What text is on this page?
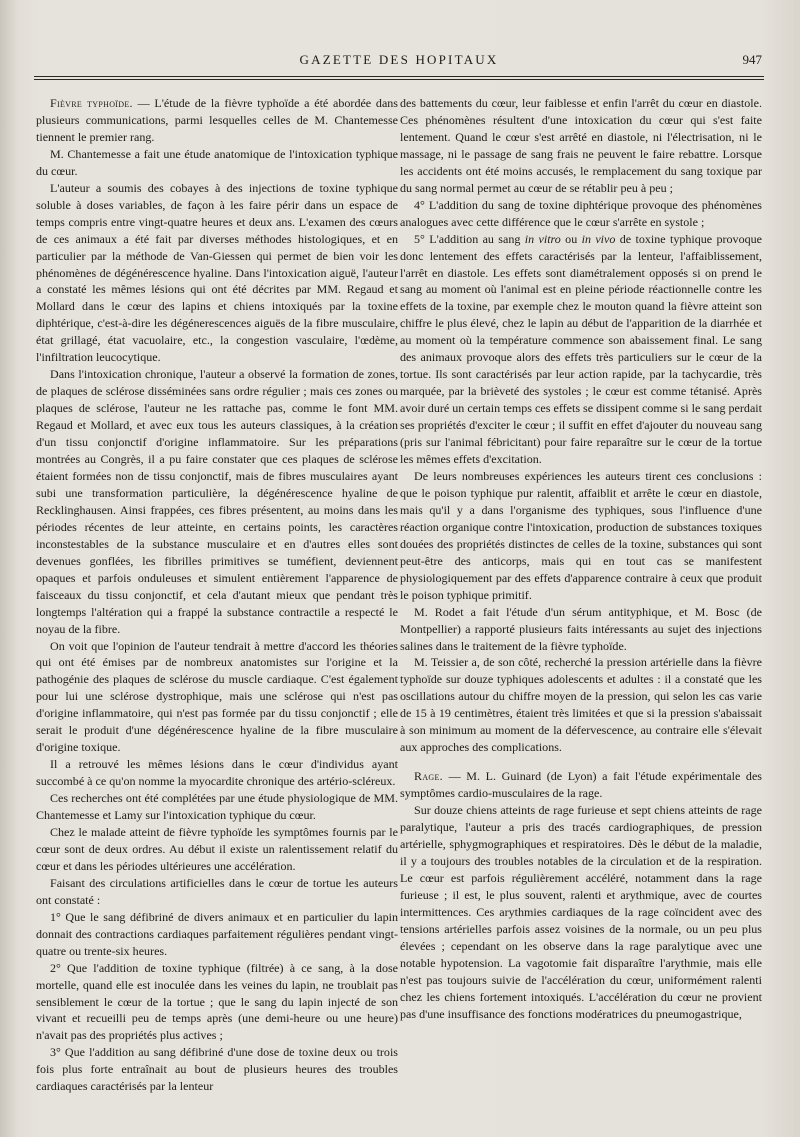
GAZETTE DES HOPITAUX	947

Fièvre typhoïde. — L'étude de la fièvre typhoïde a été abordée dans plusieurs communications, parmi lesquelles celles de M. Chantemesse tiennent le premier rang.

M. Chantemesse a fait une étude anatomique de l'intoxication typhique du cœur.

L'auteur a soumis des cobayes à des injections de toxine typhique soluble à doses variables, de façon à les faire périr dans un espace de temps compris entre vingt-quatre heures et deux ans. L'examen des cœurs de ces animaux a été fait par diverses méthodes histologiques, et en particulier par la méthode de Van-Giessen qui permet de bien voir les phénomènes de dégénérescence hyaline. Dans l'intoxication aiguë, l'auteur a constaté les mêmes lésions qui ont été décrites par MM. Regaud et Mollard dans le cœur des lapins et chiens intoxiqués par la toxine diphtérique, c'est-à-dire les dégénerescences aiguës de la fibre musculaire, état grillagé, état vacuolaire, etc., la congestion vasculaire, l'œdème, l'infiltration leucocytique.

Dans l'intoxication chronique, l'auteur a observé la formation de zones, de plaques de sclérose disséminées sans ordre régulier ; mais ces zones ou plaques de sclérose, l'auteur ne les rattache pas, comme le font MM. Regaud et Mollard, et avec eux tous les auteurs classiques, à la création d'un tissu conjonctif d'origine inflammatoire. Sur les préparations montrées au Congrès, il a pu faire constater que ces plaques de sclérose étaient formées non de tissu conjonctif, mais de fibres musculaires ayant subi une transformation particulière, la dégénérescence hyaline de Recklinghausen. Ainsi frappées, ces fibres présentent, au moins dans les périodes récentes de leur atteinte, en certains points, les caractères inconstestables de la substance musculaire et en d'autres elles sont devenues gonflées, les fibrilles primitives se tuméfient, deviennent opaques et parfois onduleuses et simulent entièrement l'apparence de faisceaux du tissu conjonctif, et cela d'autant mieux que pendant très longtemps l'altération qui a frappé la substance contractile a respecté le noyau de la fibre.

On voit que l'opinion de l'auteur tendrait à mettre d'accord les théories qui ont été émises par de nombreux anatomistes sur l'origine et la pathogénie des plaques de sclérose du muscle cardiaque. C'est également pour lui une sclérose dystrophique, mais une sclérose qui n'est pas d'origine inflammatoire, qui n'est pas formée par du tissu conjonctif ; elle serait le produit d'une dégénérescence hyaline de la fibre musculaire d'origine toxique.

Il a retrouvé les mêmes lésions dans le cœur d'individus ayant succombé à ce qu'on nomme la myocardite chronique des artério-scléreux.

Ces recherches ont été complétées par une étude physiologique de MM. Chantemesse et Lamy sur l'intoxication typhique du cœur.

Chez le malade atteint de fièvre typhoïde les symptômes fournis par le cœur sont de deux ordres. Au début il existe un ralentissement relatif du cœur et dans les périodes ultérieures une accélération.

Faisant des circulations artificielles dans le cœur de tortue les auteurs ont constaté :

1° Que le sang défibriné de divers animaux et en particulier du lapin donnait des contractions cardiaques parfaitement régulières pendant vingt-quatre ou trente-six heures.

2° Que l'addition de toxine typhique (filtrée) à ce sang, à la dose mortelle, quand elle est inoculée dans les veines du lapin, ne troublait pas sensiblement le cœur de la tortue ; que le sang du lapin injecté de son vivant et recueilli peu de temps après (une demi-heure ou une heure) n'avait pas des propriétés plus actives ;

3° Que l'addition au sang défibriné d'une dose de toxine deux ou trois fois plus forte entraînait au bout de plusieurs heures des troubles cardiaques caractérisés par la lenteur

des battements du cœur, leur faiblesse et enfin l'arrêt du cœur en diastole. Ces phénomènes résultent d'une intoxication du cœur qui s'est faite lentement. Quand le cœur s'est arrêté en diastole, ni l'électrisation, ni le massage, ni le passage de sang frais ne peuvent le faire rebattre. Lorsque les accidents ont été moins accusés, le remplacement du sang toxique par du sang normal permet au cœur de se rétablir peu à peu ;

4° L'addition du sang de toxine diphtérique provoque des phénomènes analogues avec cette différence que le cœur s'arrête en systole ;

5° L'addition au sang in vitro ou in vivo de toxine typhique provoque donc lentement des effets caractérisés par la lenteur, l'affaiblissement, l'arrêt en diastole. Les effets sont diamétralement opposés si on prend le sang au moment où l'animal est en pleine période réactionnelle contre les effets de la toxine, par exemple chez le mouton quand la fièvre atteint son chiffre le plus élevé, chez le lapin au début de l'apparition de la diarrhée et au moment où la température commence son abaissement final. Le sang des animaux provoque alors des effets très particuliers sur le cœur de la tortue. Ils sont caractérisés par leur action rapide, par la tachycardie, très marquée, par la brièveté des systoles ; le cœur est comme tétanisé. Après avoir duré un certain temps ces effets se dissipent comme si le sang perdait ses propriétés d'exciter le cœur ; il suffit en effet d'ajouter du nouveau sang (pris sur l'animal fébricitant) pour faire reparaître sur le cœur de la tortue les mêmes effets d'excitation.

De leurs nombreuses expériences les auteurs tirent ces conclusions : que le poison typhique pur ralentit, affaiblit et arrête le cœur en diastole, mais qu'il y a dans l'organisme des typhiques, sous l'influence d'une réaction organique contre l'intoxication, production de substances toxiques douées des propriétés distinctes de celles de la toxine, substances qui sont peut-être des anticorps, mais qui en tout cas se manifestent physiologiquement par des effets d'apparence contraire à ceux que produit le poison typhique primitif.

M. Rodet a fait l'étude d'un sérum antityphique, et M. Bosc (de Montpellier) a rapporté plusieurs faits intéressants au sujet des injections salines dans le traitement de la fièvre typhoïde.

M. Teissier a, de son côté, recherché la pression artérielle dans la fièvre typhoïde sur douze typhiques adolescents et adultes : il a constaté que les oscillations autour du chiffre moyen de la pression, qui selon les cas varie de 15 à 19 centimètres, étaient très limitées et que si la pression s'abaissait à son minimum au moment de la défervescence, au contraire elle s'élevait aux approches des complications.

Rage. — M. L. Guinard (de Lyon) a fait l'étude expérimentale des symptômes cardio-musculaires de la rage.

Sur douze chiens atteints de rage furieuse et sept chiens atteints de rage paralytique, l'auteur a pris des tracés cardiographiques, de pression artérielle, sphygmographiques et respiratoires. Dès le début de la maladie, il y a toujours des troubles notables de la circulation et de la respiration. Le cœur est parfois régulièrement accéléré, notamment dans la rage furieuse ; il est, le plus souvent, ralenti et arythmique, avec de courtes intermittences. Ces arythmies cardiaques de la rage coïncident avec des tensions artérielles parfois assez voisines de la normale, ou un peu plus élevées ; cependant on les observe dans la rage paralytique avec une notable hypotension. La vagotomie fait disparaître l'arythmie, mais elle n'est pas toujours suivie de l'accélération du cœur, uniformément ralenti chez les chiens fortement intoxiqués. L'accélération du cœur ne provient pas d'une insuffisance des fonctions modératrices du pneumogastrique,
